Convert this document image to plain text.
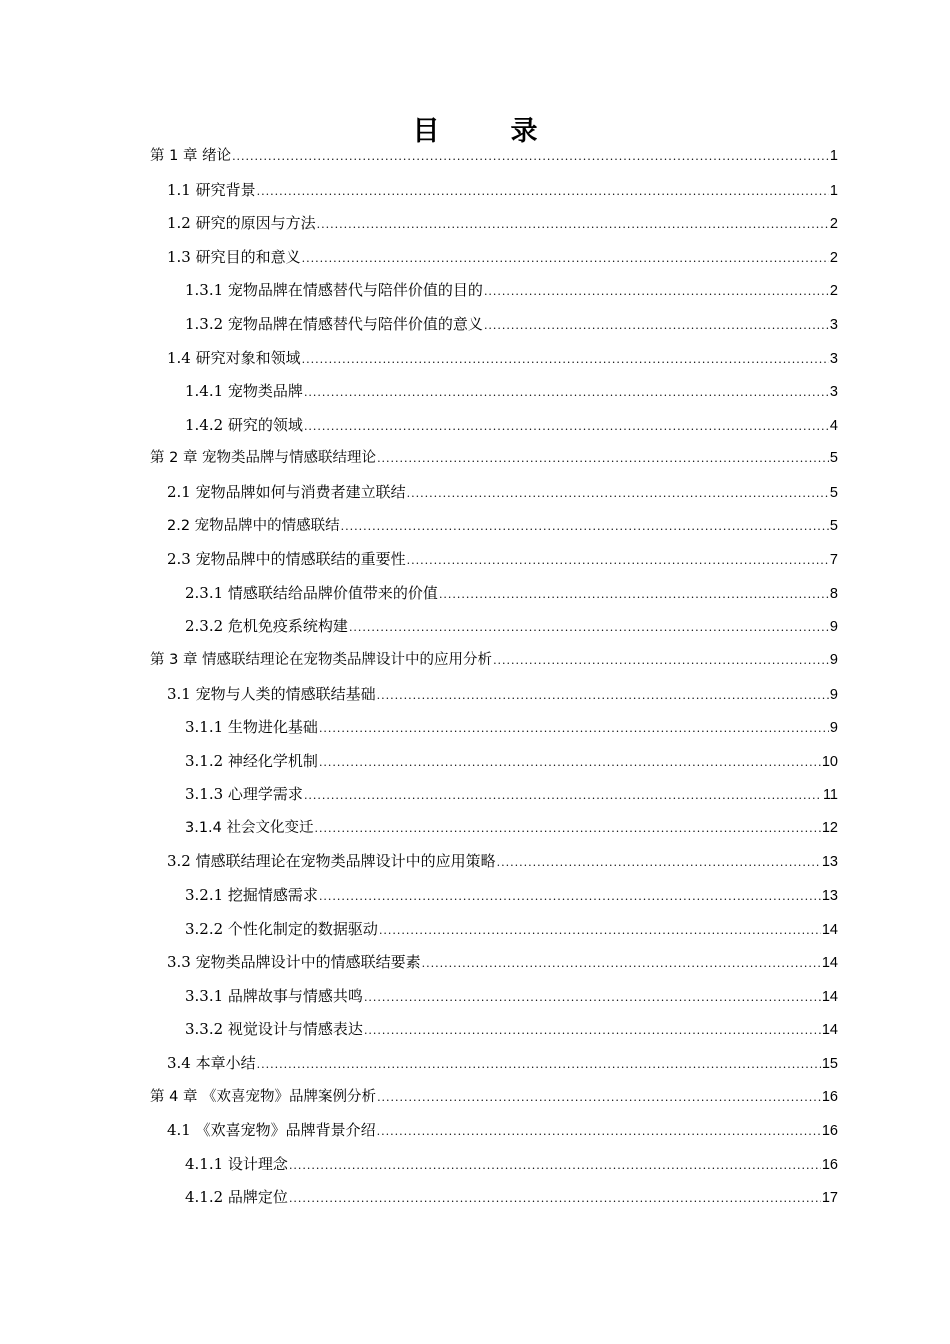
目　录
第 1 章 绪论 .....	1
1.1 研究背景 .....	1
1.2 研究的原因与方法 .....	2
1.3 研究目的和意义 .....	2
1.3.1 宠物品牌在情感替代与陪伴价值的目的 .....	2
1.3.2 宠物品牌在情感替代与陪伴价值的意义 .....	3
1.4 研究对象和领域 .....	3
1.4.1 宠物类品牌 .....	3
1.4.2 研究的领域 .....	4
第 2 章 宠物类品牌与情感联结理论 .....	5
2.1 宠物品牌如何与消费者建立联结 .....	5
2.2 宠物品牌中的情感联结 .....	5
2.3 宠物品牌中的情感联结的重要性 .....	7
2.3.1 情感联结给品牌价值带来的价值 .....	8
2.3.2 危机免疫系统构建 .....	9
第 3 章 情感联结理论在宠物类品牌设计中的应用分析 .....	9
3.1 宠物与人类的情感联结基础 .....	9
3.1.1 生物进化基础 .....	9
3.1.2 神经化学机制 .....	10
3.1.3 心理学需求 .....	11
3.1.4 社会文化变迁 .....	12
3.2 情感联结理论在宠物类品牌设计中的应用策略 .....	13
3.2.1 挖掘情感需求 .....	13
3.2.2 个性化制定的数据驱动 .....	14
3.3 宠物类品牌设计中的情感联结要素 .....	14
3.3.1 品牌故事与情感共鸣 .....	14
3.3.2 视觉设计与情感表达 .....	14
3.4 本章小结 .....	15
第 4 章 《欢喜宠物》品牌案例分析 .....	16
4.1 《欢喜宠物》品牌背景介绍 .....	16
4.1.1 设计理念 .....	16
4.1.2 品牌定位 .....	17
